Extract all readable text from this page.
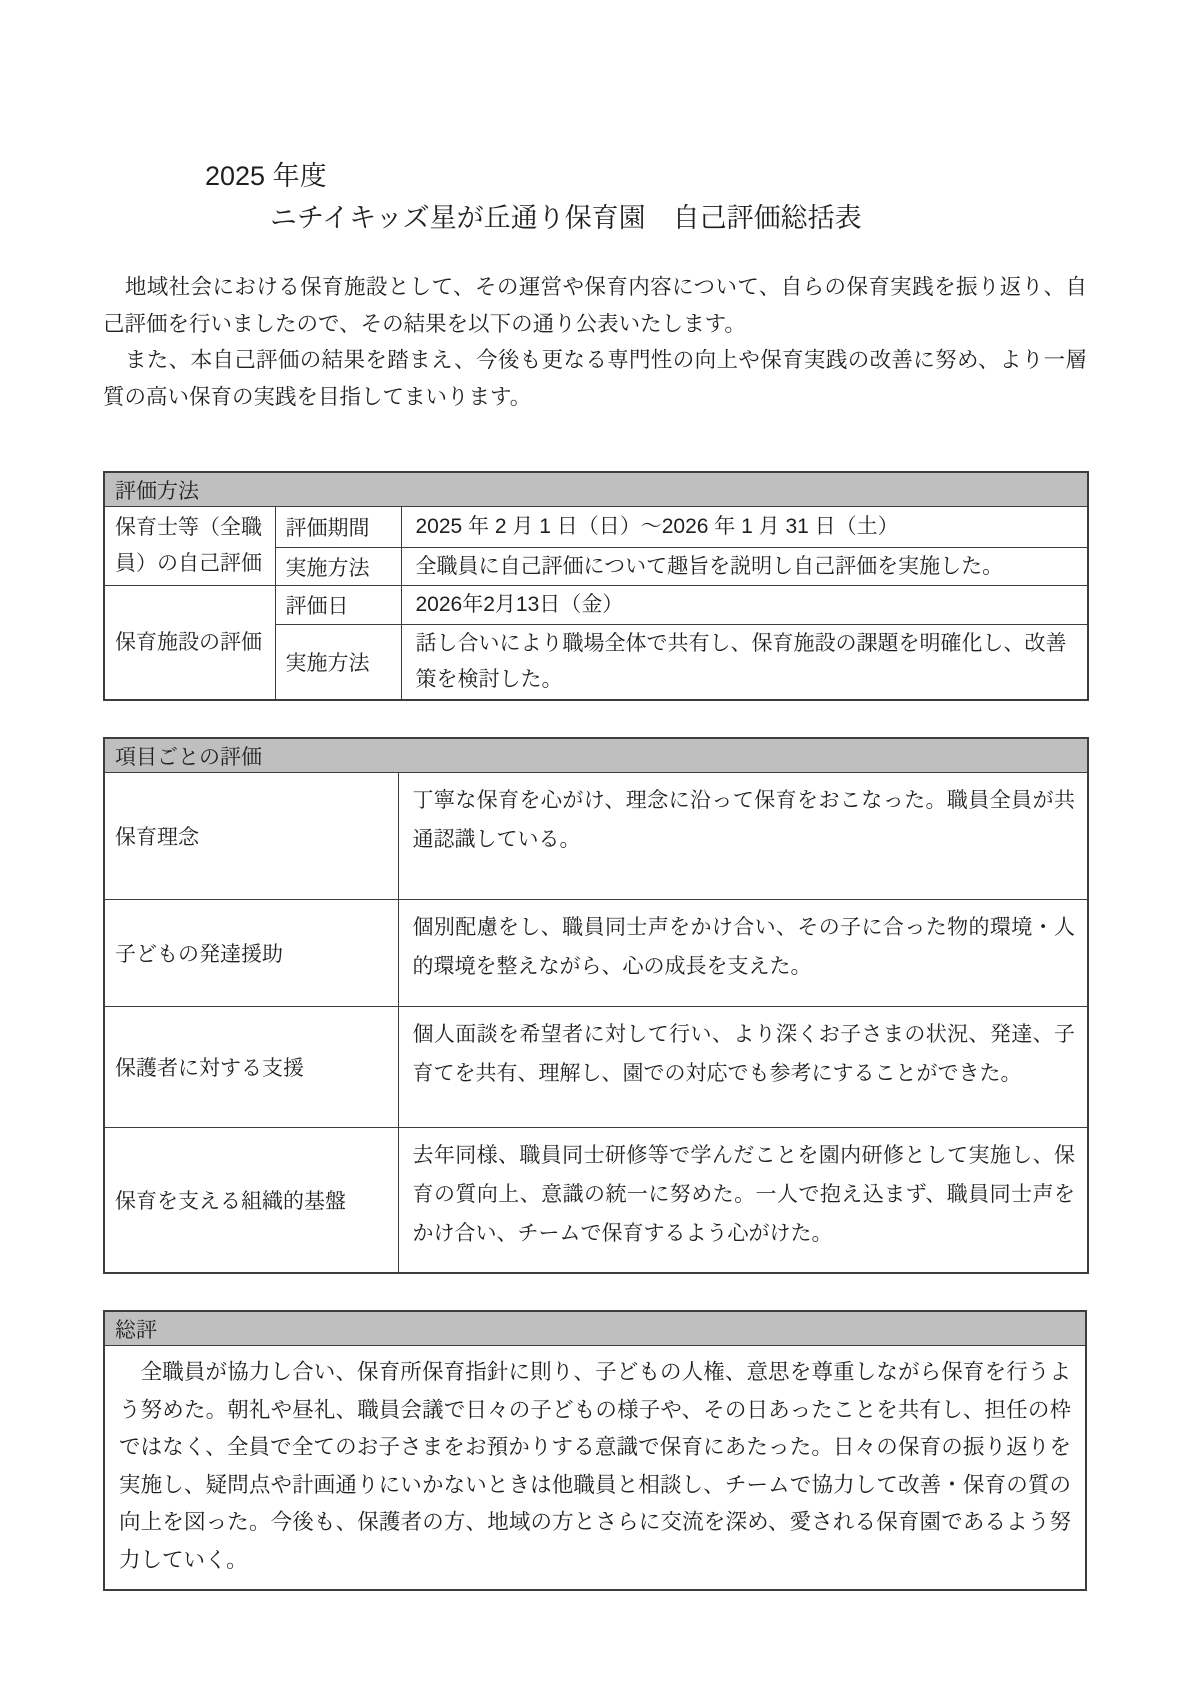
2025 年度
ニチイキッズ星が丘通り保育園　自己評価総括表

　地域社会における保育施設として、その運営や保育内容について、自らの保育実践を振り返り、自己評価を行いましたので、その結果を以下の通り公表いたします。

　また、本自己評価の結果を踏まえ、今後も更なる専門性の向上や保育実践の改善に努め、より一層質の高い保育の実践を目指してまいります。

評価方法		
保育士等（全職員）の自己評価	評価期間	2025 年 2 月 1 日（日）～2026 年 1 月 31 日（土）
	実施方法	全職員に自己評価について趣旨を説明し自己評価を実施した。
保育施設の評価	評価日	2026年2月13日（金）
	実施方法	話し合いにより職場全体で共有し、保育施設の課題を明確化し、改善策を検討した。
項目ごとの評価	
保育理念	丁寧な保育を心がけ、理念に沿って保育をおこなった。職員全員が共通認識している。
子どもの発達援助	個別配慮をし、職員同士声をかけ合い、その子に合った物的環境・人的環境を整えながら、心の成長を支えた。
保護者に対する支援	個人面談を希望者に対して行い、より深くお子さまの状況、発達、子育てを共有、理解し、園での対応でも参考にすることができた。
保育を支える組織的基盤	去年同様、職員同士研修等で学んだことを園内研修として実施し、保育の質向上、意識の統一に努めた。一人で抱え込まず、職員同士声をかけ合い、チームで保育するよう心がけた。
総評
　全職員が協力し合い、保育所保育指針に則り、子どもの人権、意思を尊重しながら保育を行うよう努めた。朝礼や昼礼、職員会議で日々の子どもの様子や、その日あったことを共有し、担任の枠ではなく、全員で全てのお子さまをお預かりする意識で保育にあたった。日々の保育の振り返りを実施し、疑問点や計画通りにいかないときは他職員と相談し、チームで協力して改善・保育の質の向上を図った。今後も、保護者の方、地域の方とさらに交流を深め、愛される保育園であるよう努力していく。
